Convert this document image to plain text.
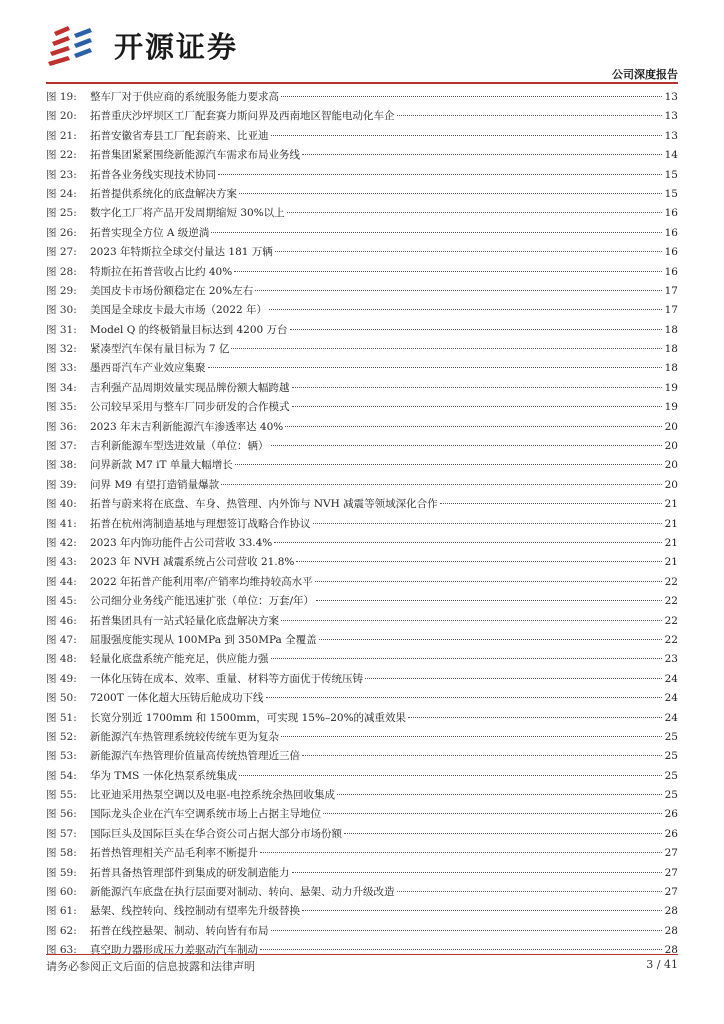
开源证券
公司深度报告
图 19:	整车厂对于供应商的系统服务能力要求高	13
图 20:	拓普重庆沙坪坝区工厂配套赛力斯问界及西南地区智能电动化车企	13
图 21:	拓普安徽省寿县工厂配套蔚来、比亚迪	13
图 22:	拓普集团紧紧围绕新能源汽车需求布局业务线	14
图 23:	拓普各业务线实现技术协同	15
图 24:	拓普提供系统化的底盘解决方案	15
图 25:	数字化工厂将产品开发周期缩短 30%以上	16
图 26:	拓普实现全方位 A 级逆淌	16
图 27:	2023 年特斯拉全球交付量达 181 万辆	16
图 28:	特斯拉在拓普营收占比约 40%	16
图 29:	美国皮卡市场份额稳定在 20%左右	17
图 30:	美国是全球皮卡最大市场（2022 年）	17
图 31:	Model Q 的终极销量目标达到 4200 万台	18
图 32:	紧凑型汽车保有量目标为 7 亿	18
图 33:	墨西哥汽车产业效应集聚	18
图 34:	吉利强产品周期效量实现品牌份额大幅跨越	19
图 35:	公司较早采用与整车厂同步研发的合作模式	19
图 36:	2023 年末吉利新能源汽车渗透率达 40%	20
图 37:	吉利新能源车型迭进效量（单位：辆）	20
图 38:	问界新款 M7 iT 单量大幅增长	20
图 39:	问界 M9 有望打造销量爆款	20
图 40:	拓普与蔚来将在底盘、车身、热管理、内外饰与 NVH 减震等领域深化合作	21
图 41:	拓普在杭州湾制造基地与理想签订战略合作协议	21
图 42:	2023 年内饰功能件占公司营收 33.4%	21
图 43:	2023 年 NVH 减震系统占公司营收 21.8%	21
图 44:	2022 年拓普产能利用率/产销率均维持较高水平	22
图 45:	公司细分业务线产能迅速扩张（单位：万套/年）	22
图 46:	拓普集团具有一站式轻量化底盘解决方案	22
图 47:	屈服强度能实现从 100MPa 到 350MPa 全覆盖	22
图 48:	轻量化底盘系统产能充足，供应能力强	23
图 49:	一体化压铸在成本、效率、重量、材料等方面优于传统压铸	24
图 50:	7200T 一体化超大压铸后舱成功下线	24
图 51:	长宽分别近 1700mm 和 1500mm，可实现 15%–20%的减重效果	24
图 52:	新能源汽车热管理系统较传统车更为复杂	25
图 53:	新能源汽车热管理价值量高传统热管理近三倍	25
图 54:	华为 TMS 一体化热泵系统集成	25
图 55:	比亚迪采用热泵空调以及电驱-电控系统余热回收集成	25
图 56:	国际龙头企业在汽车空调系统市场上占据主导地位	26
图 57:	国际巨头及国际巨头在华合资公司占据大部分市场份额	26
图 58:	拓普热管理相关产品毛利率不断提升	27
图 59:	拓普具备热管理部件到集成的研发制造能力	27
图 60:	新能源汽车底盘在执行层面要对制动、转向、悬架、动力升级改造	27
图 61:	悬架、线控转向、线控制动有望率先升级替换	28
图 62:	拓普在线控悬架、制动、转向皆有布局	28
图 63:	真空助力器形成压力差驱动汽车制动	28
请务必参阅正文后面的信息披露和法律声明	3 / 41
